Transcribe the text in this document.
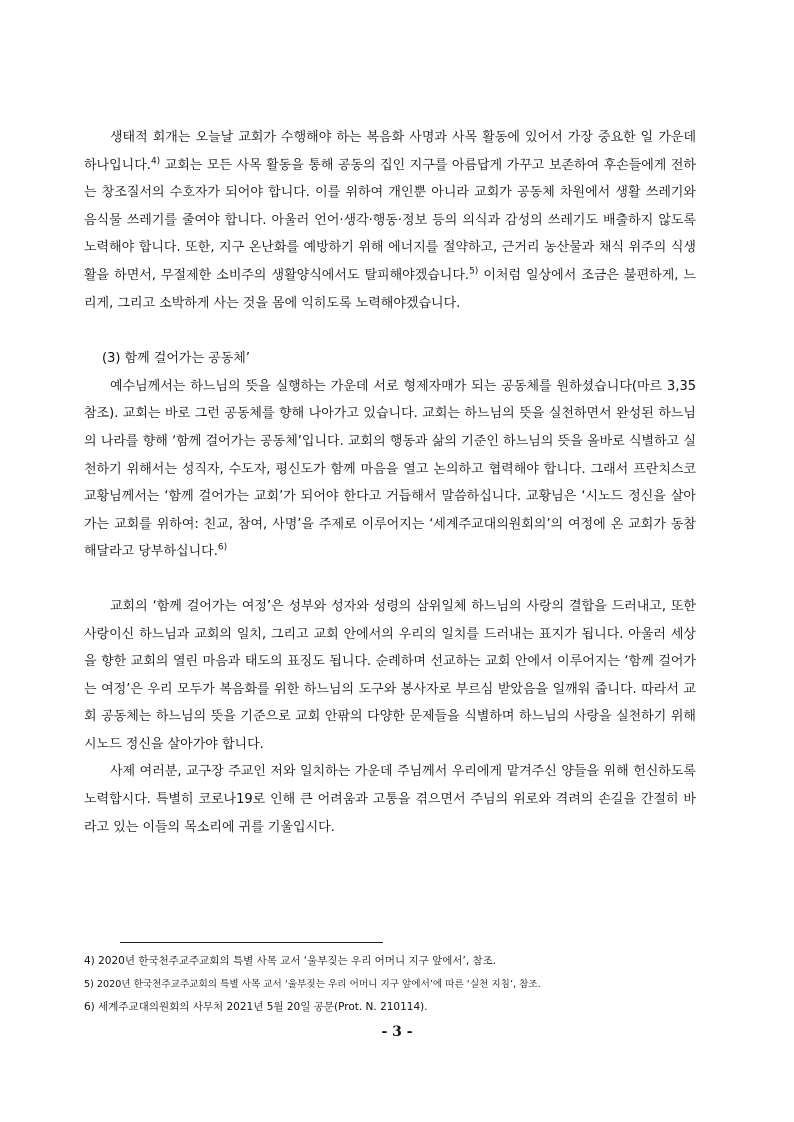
생태적 회개는 오늘날 교회가 수행해야 하는 복음화 사명과 사목 활동에 있어서 가장 중요한 일 가운데 하나입니다.$^{4)}$ 교회는 모든 사목 활동을 통해 공동의 집인 지구를 아름답게 가꾸고 보존하여 후손들에게 전하는 창조질서의 수호자가 되어야 합니다. 이를 위하여 개인뿐 아니라 교회가 공동체 차원에서 생활 쓰레기와 음식물 쓰레기를 줄여야 합니다. 아울러 언어·생각·행동·정보 등의 의식과 감성의 쓰레기도 배출하지 않도록 노력해야 합니다. 또한, 지구 온난화를 예방하기 위해 에너지를 절약하고, 근거리 농산물과 채식 위주의 식생활을 하면서, 무절제한 소비주의 생활양식에서도 탈피해야겠습니다.$^{5)}$ 이처럼 일상에서 조금은 불편하게, 느리게, 그리고 소박하게 사는 것을 몸에 익히도록 노력해야겠습니다.

(3) 함께 걸어가는 공동체’

예수님께서는 하느님의 뜻을 실행하는 가운데 서로 형제자매가 되는 공동체를 원하셨습니다(마르 3,35 참조). 교회는 바로 그런 공동체를 향해 나아가고 있습니다. 교회는 하느님의 뜻을 실천하면서 완성된 하느님의 나라를 향해 ‘함께 걸어가는 공동체’입니다. 교회의 행동과 삶의 기준인 하느님의 뜻을 올바로 식별하고 실천하기 위해서는 성직자, 수도자, 평신도가 함께 마음을 열고 논의하고 협력해야 합니다. 그래서 프란치스코 교황님께서는 ‘함께 걸어가는 교회’가 되어야 한다고 거듭해서 말씀하십니다. 교황님은 ‘시노드 정신을 살아가는 교회를 위하여: 친교, 참여, 사명’을 주제로 이루어지는 ‘세계주교대의원회의’의 여정에 온 교회가 동참해달라고 당부하십니다.$^{6)}$

교회의 ‘함께 걸어가는 여정’은 성부와 성자와 성령의 삼위일체 하느님의 사랑의 결합을 드러내고, 또한 사랑이신 하느님과 교회의 일치, 그리고 교회 안에서의 우리의 일치를 드러내는 표지가 됩니다. 아울러 세상을 향한 교회의 열린 마음과 태도의 표징도 됩니다. 순례하며 선교하는 교회 안에서 이루어지는 ‘함께 걸어가는 여정’은 우리 모두가 복음화를 위한 하느님의 도구와 봉사자로 부르심 받았음을 일깨워 줍니다. 따라서 교회 공동체는 하느님의 뜻을 기준으로 교회 안팎의 다양한 문제들을 식별하며 하느님의 사랑을 실천하기 위해 시노드 정신을 살아가야 합니다.

사제 여러분, 교구장 주교인 저와 일치하는 가운데 주님께서 우리에게 맡겨주신 양들을 위해 헌신하도록 노력합시다. 특별히 코로나19로 인해 큰 어려움과 고통을 겪으면서 주님의 위로와 격려의 손길을 간절히 바라고 있는 이들의 목소리에 귀를 기울입시다.

4) 2020년 한국천주교주교회의 특별 사목 교서 ‘울부짖는 우리 어머니 지구 앞에서’, 참조.

5) 2020년 한국천주교주교회의 특별 사목 교서 ‘울부짖는 우리 어머니 지구 앞에서’에 따른 ‘실천 지침’, 참조.

6) 세계주교대의원회의 사무처 2021년 5월 20일 공문(Prot. N. 210114).

- 3 -
